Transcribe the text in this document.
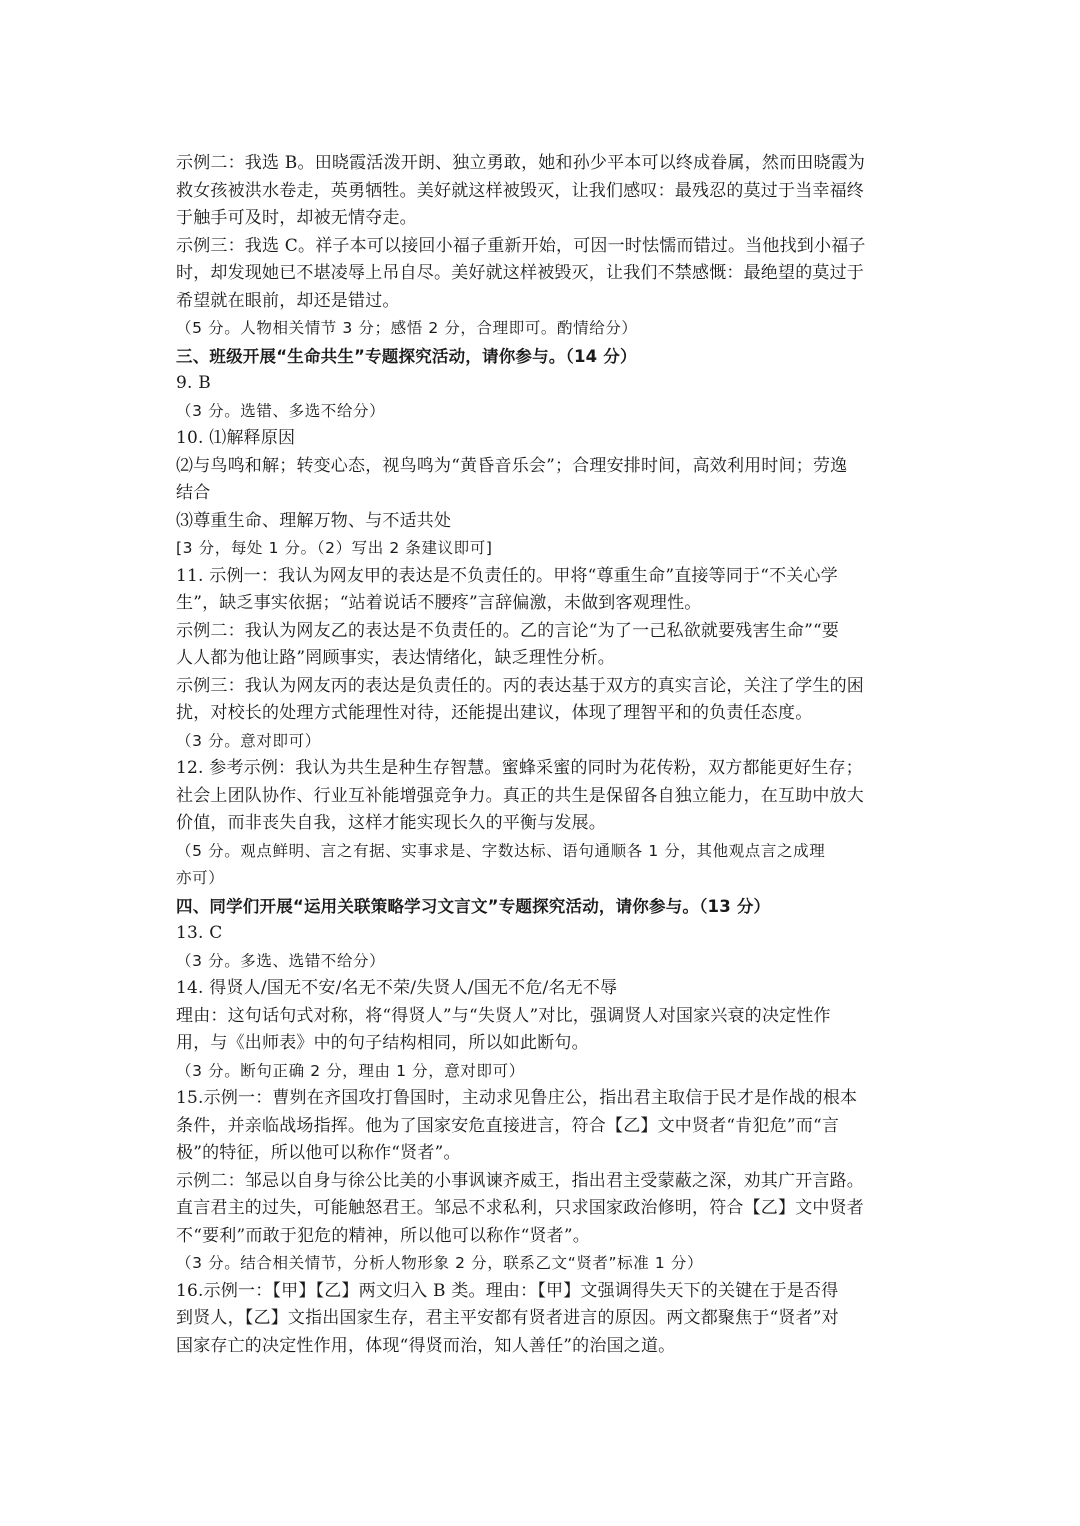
示例二：我选 B。田晓霞活泼开朗、独立勇敢，她和孙少平本可以终成眷属，然而田晓霞为
救女孩被洪水卷走，英勇牺牲。美好就这样被毁灭，让我们感叹：最残忍的莫过于当幸福终
于触手可及时，却被无情夺走。
示例三：我选 C。祥子本可以接回小福子重新开始，可因一时怯懦而错过。当他找到小福子
时，却发现她已不堪凌辱上吊自尽。美好就这样被毁灭，让我们不禁感慨：最绝望的莫过于
希望就在眼前，却还是错过。
（5 分。人物相关情节 3 分；感悟 2 分，合理即可。酌情给分）
三、班级开展“生命共生”专题探究活动，请你参与。（14 分）
9. B
（3 分。选错、多选不给分）
10. ⑴解释原因
⑵与鸟鸣和解；转变心态，视鸟鸣为“黄昏音乐会”；合理安排时间，高效利用时间；劳逸
结合
⑶尊重生命、理解万物、与不适共处
[3 分，每处 1 分。（2）写出 2 条建议即可]
11. 示例一：我认为网友甲的表达是不负责任的。甲将“尊重生命”直接等同于“不关心学
生”，缺乏事实依据；“站着说话不腰疼”言辞偏激，未做到客观理性。
示例二：我认为网友乙的表达是不负责任的。乙的言论“为了一己私欲就要残害生命”“要
人人都为他让路”罔顾事实，表达情绪化，缺乏理性分析。
示例三：我认为网友丙的表达是负责任的。丙的表达基于双方的真实言论，关注了学生的困
扰，对校长的处理方式能理性对待，还能提出建议，体现了理智平和的负责任态度。
（3 分。意对即可）
12. 参考示例：我认为共生是种生存智慧。蜜蜂采蜜的同时为花传粉，双方都能更好生存；
社会上团队协作、行业互补能增强竞争力。真正的共生是保留各自独立能力，在互助中放大
价值，而非丧失自我，这样才能实现长久的平衡与发展。
（5 分。观点鲜明、言之有据、实事求是、字数达标、语句通顺各 1 分，其他观点言之成理
亦可）
四、同学们开展“运用关联策略学习文言文”专题探究活动，请你参与。（13 分）
13. C
（3 分。多选、选错不给分）
14. 得贤人/国无不安/名无不荣/失贤人/国无不危/名无不辱
理由：这句话句式对称，将“得贤人”与“失贤人”对比，强调贤人对国家兴衰的决定性作
用，与《出师表》中的句子结构相同，所以如此断句。
（3 分。断句正确 2 分，理由 1 分，意对即可）
15.示例一：曹刿在齐国攻打鲁国时，主动求见鲁庄公，指出君主取信于民才是作战的根本
条件，并亲临战场指挥。他为了国家安危直接进言，符合【乙】文中贤者“肯犯危”而“言
极”的特征，所以他可以称作“贤者”。
示例二：邹忌以自身与徐公比美的小事讽谏齐威王，指出君主受蒙蔽之深，劝其广开言路。
直言君主的过失，可能触怒君王。邹忌不求私利，只求国家政治修明，符合【乙】文中贤者
不“要利”而敢于犯危的精神，所以他可以称作“贤者”。
（3 分。结合相关情节，分析人物形象 2 分，联系乙文“贤者”标准 1 分）
16.示例一：【甲】【乙】两文归入 B 类。理由：【甲】文强调得失天下的关键在于是否得
到贤人，【乙】文指出国家生存，君主平安都有贤者进言的原因。两文都聚焦于“贤者”对
国家存亡的决定性作用，体现“得贤而治，知人善任”的治国之道。
